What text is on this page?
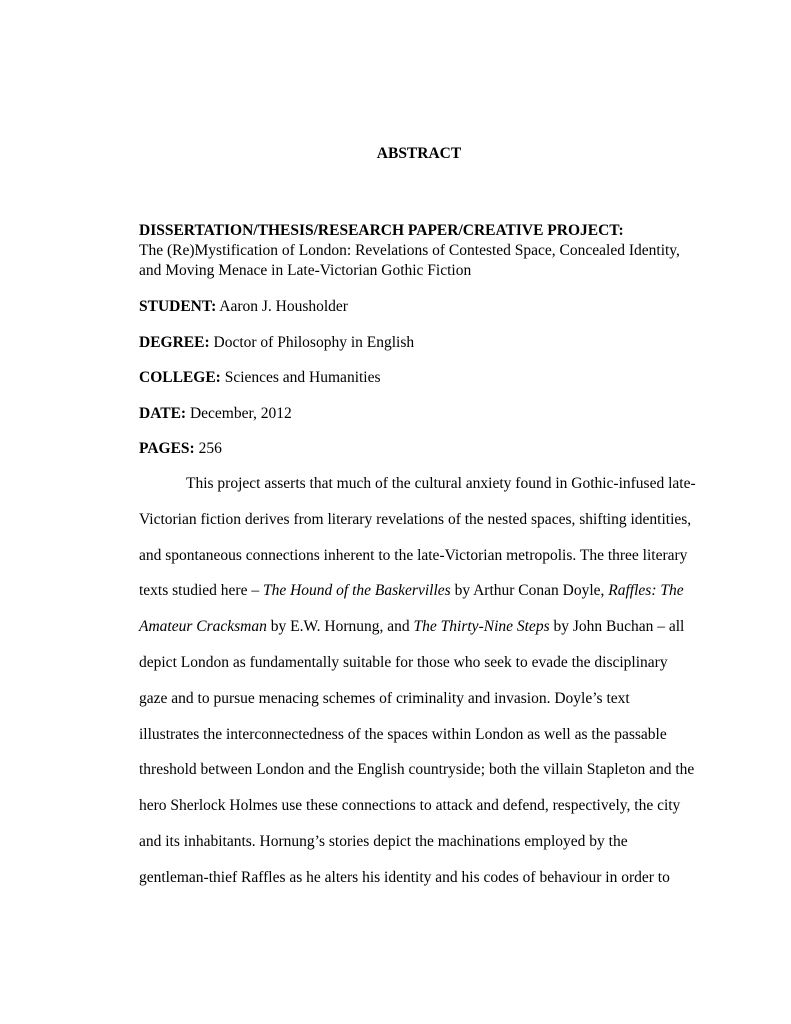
ABSTRACT
DISSERTATION/THESIS/RESEARCH PAPER/CREATIVE PROJECT:
The (Re)Mystification of London: Revelations of Contested Space, Concealed Identity,
and Moving Menace in Late-Victorian Gothic Fiction
STUDENT: Aaron J. Housholder
DEGREE: Doctor of Philosophy in English
COLLEGE: Sciences and Humanities
DATE: December, 2012
PAGES: 256
This project asserts that much of the cultural anxiety found in Gothic-infused late-
Victorian fiction derives from literary revelations of the nested spaces, shifting identities,
and spontaneous connections inherent to the late-Victorian metropolis. The three literary
texts studied here – The Hound of the Baskervilles by Arthur Conan Doyle, Raffles: The
Amateur Cracksman by E.W. Hornung, and The Thirty-Nine Steps by John Buchan – all
depict London as fundamentally suitable for those who seek to evade the disciplinary
gaze and to pursue menacing schemes of criminality and invasion. Doyle’s text
illustrates the interconnectedness of the spaces within London as well as the passable
threshold between London and the English countryside; both the villain Stapleton and the
hero Sherlock Holmes use these connections to attack and defend, respectively, the city
and its inhabitants. Hornung’s stories depict the machinations employed by the
gentleman-thief Raffles as he alters his identity and his codes of behaviour in order to
